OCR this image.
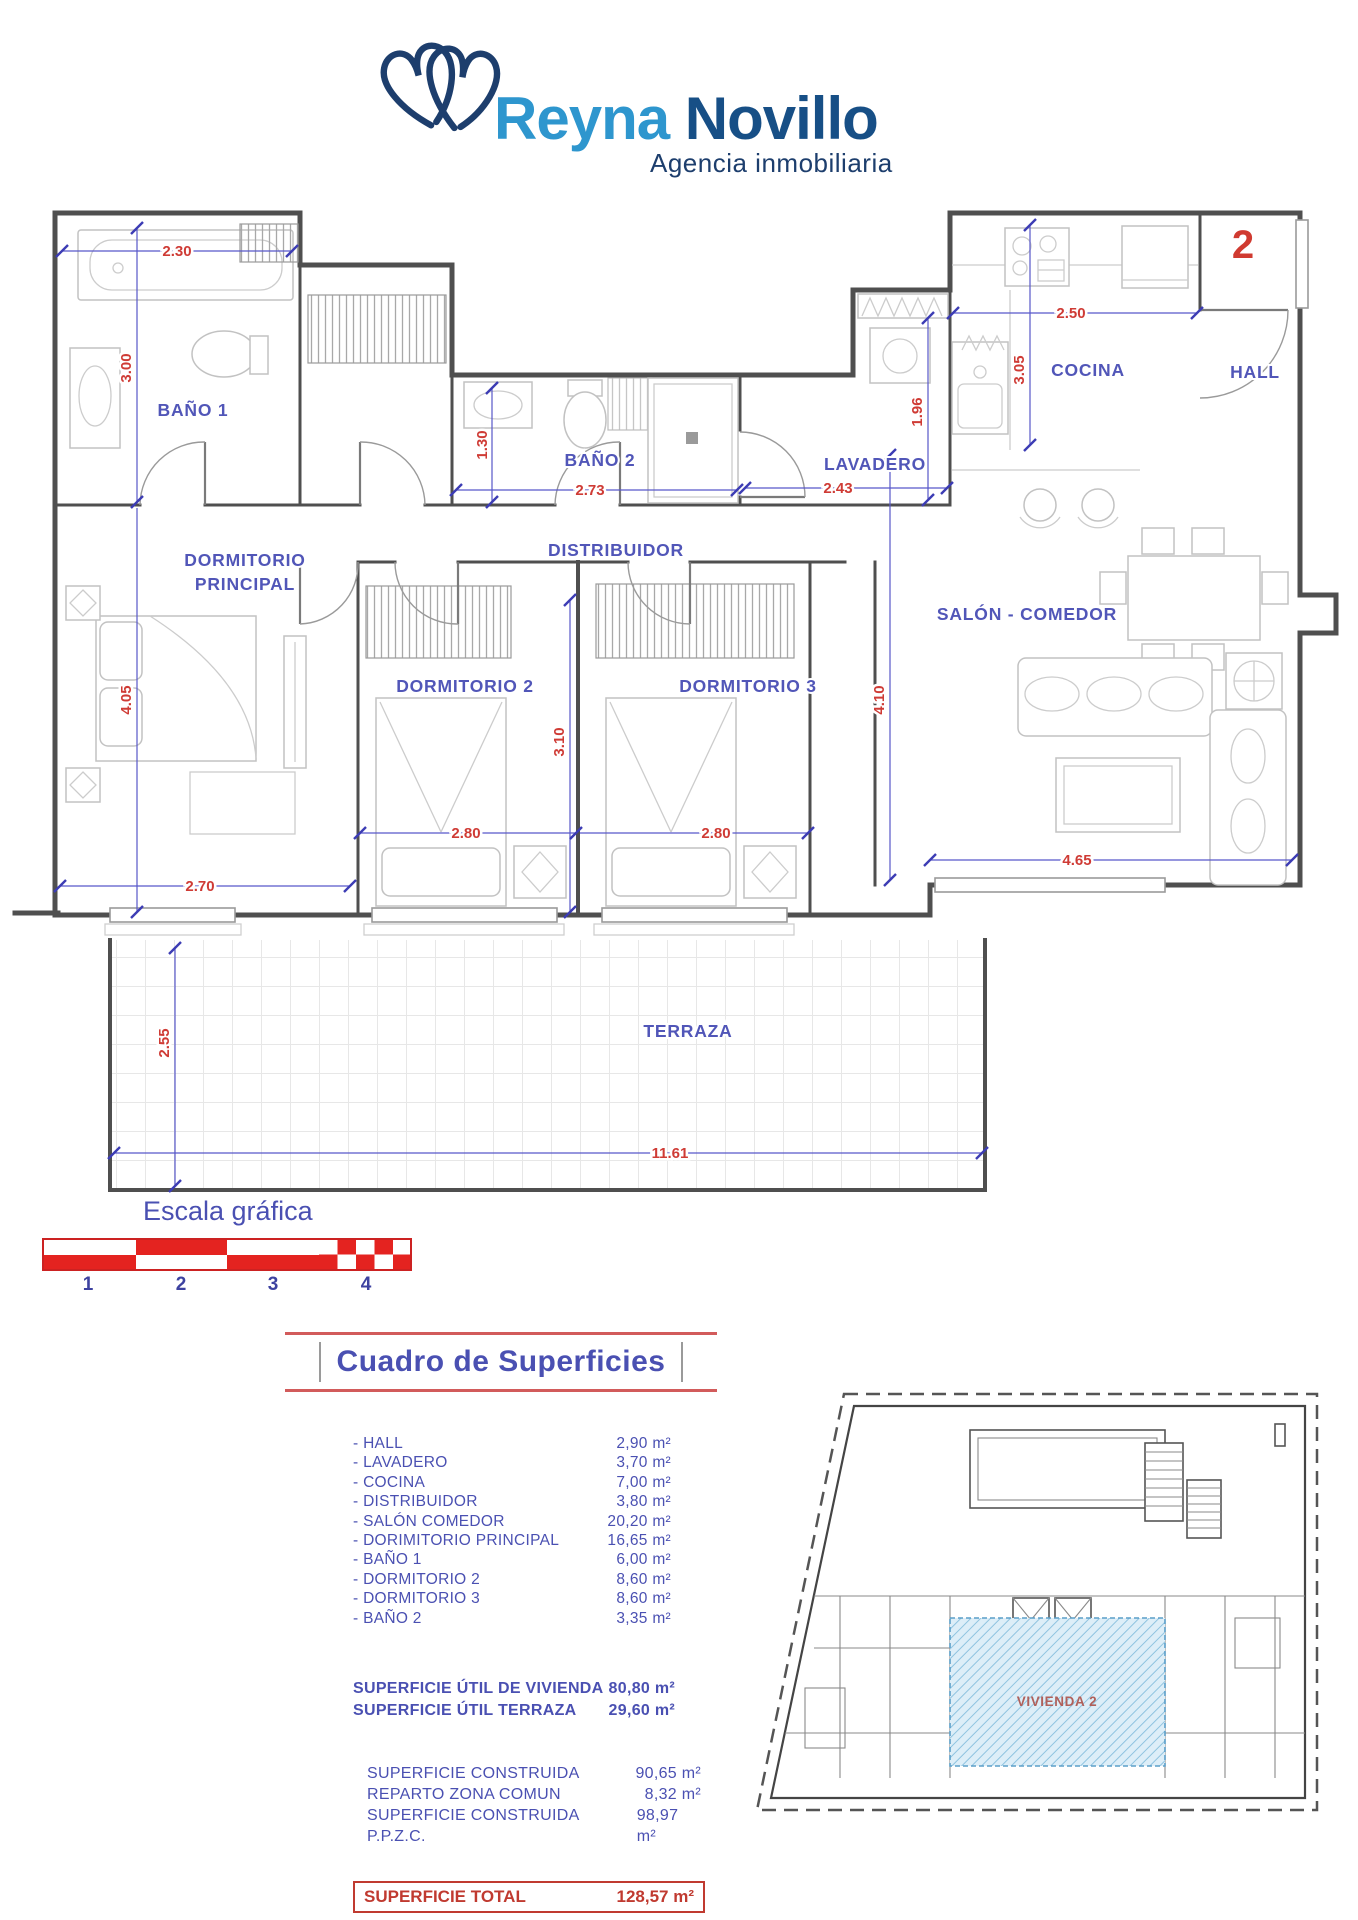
Reyna Novillo
Agencia inmobiliaria
2.30
3.00
1.30
2.73	2.43
1.96
2.50
3.05
4.05
3.10
2.70
2.80	2.80
4.10
4.65
2.55
11.61
BAÑO 1
DORMITORIO
PRINCIPAL
BAÑO 2
DISTRIBUIDOR
DORMITORIO 2	DORMITORIO 3
LAVADERO
COCINA	HALL
SALÓN - COMEDOR
TERRAZA
2
Escala gráfica
1	2	3	4
Cuadro de Superficies
- HALL	2,90 m²
- LAVADERO	3,70 m²
- COCINA	7,00 m²
- DISTRIBUIDOR	3,80 m²
- SALÓN COMEDOR	20,20 m²
- DORIMITORIO PRINCIPAL	16,65 m²
- BAÑO 1	6,00 m²
- DORMITORIO 2	8,60 m²
- DORMITORIO 3	8,60 m²
- BAÑO 2	3,35 m²
SUPERFICIE ÚTIL DE VIVIENDA 80,80 m²
SUPERFICIE ÚTIL TERRAZA 29,60 m²
SUPERFICIE CONSTRUIDA	90,65 m²
REPARTO ZONA COMUN	8,32 m²
SUPERFICIE CONSTRUIDA P.P.Z.C.
98,97 m²
SUPERFICIE TOTAL	128,57 m²
VIVIENDA 2
